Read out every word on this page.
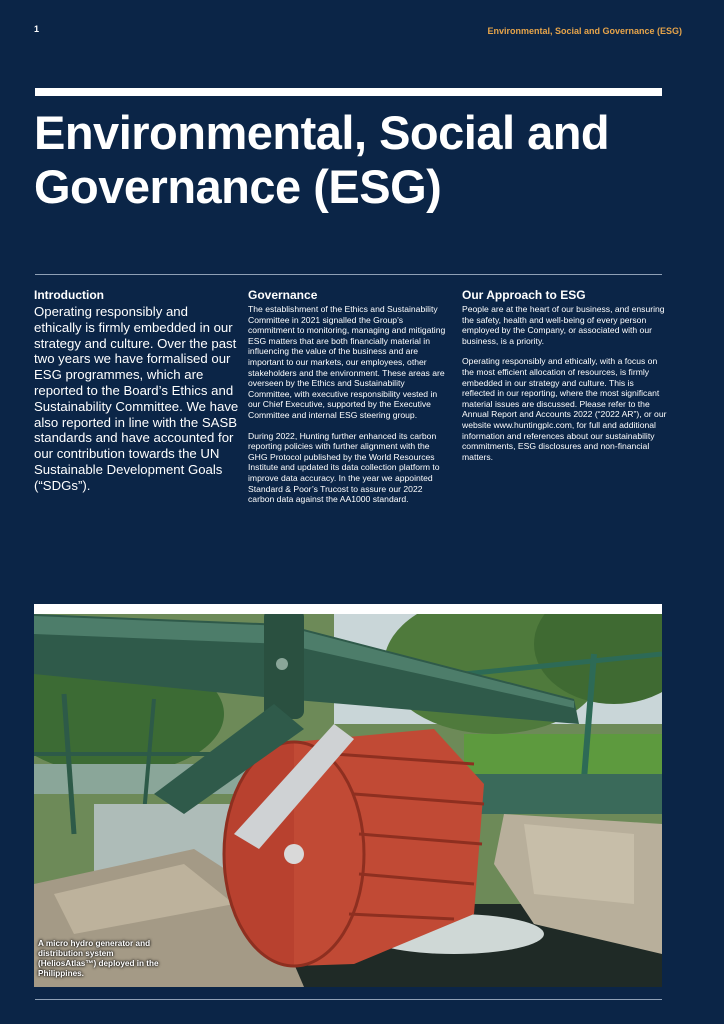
1	Environmental, Social and Governance (ESG)
Environmental, Social and Governance (ESG)
Introduction

Operating responsibly and ethically is firmly embedded in our strategy and culture. Over the past two years we have formalised our ESG programmes, which are reported to the Board’s Ethics and Sustainability Committee. We have also reported in line with the SASB standards and have accounted for our contribution towards the UN Sustainable Development Goals (“SDGs”).

Governance

The establishment of the Ethics and Sustainability Committee in 2021 signalled the Group’s commitment to monitoring, managing and mitigating ESG matters that are both financially material in influencing the value of the business and are important to our markets, our employees, other stakeholders and the environment. These areas are overseen by the Ethics and Sustainability Committee, with executive responsibility vested in our Chief Executive, supported by the Executive Committee and internal ESG steering group.

During 2022, Hunting further enhanced its carbon reporting policies with further alignment with the GHG Protocol published by the World Resources Institute and updated its data collection platform to improve data accuracy. In the year we appointed Standard & Poor’s Trucost to assure our 2022 carbon data against the AA1000 standard.

Our Approach to ESG

People are at the heart of our business, and ensuring the safety, health and well-being of every person employed by the Company, or associated with our business, is a priority.

Operating responsibly and ethically, with a focus on the most efficient allocation of resources, is firmly embedded in our strategy and culture. This is reflected in our reporting, where the most significant material issues are discussed. Please refer to the Annual Report and Accounts 2022 (“2022 AR”), or our website www.huntingplc.com, for full and additional information and references about our sustainability commitments, ESG disclosures and non-financial matters.

A micro hydro generator and distribution system (HeliosAtlas™) deployed in the Philippines.
